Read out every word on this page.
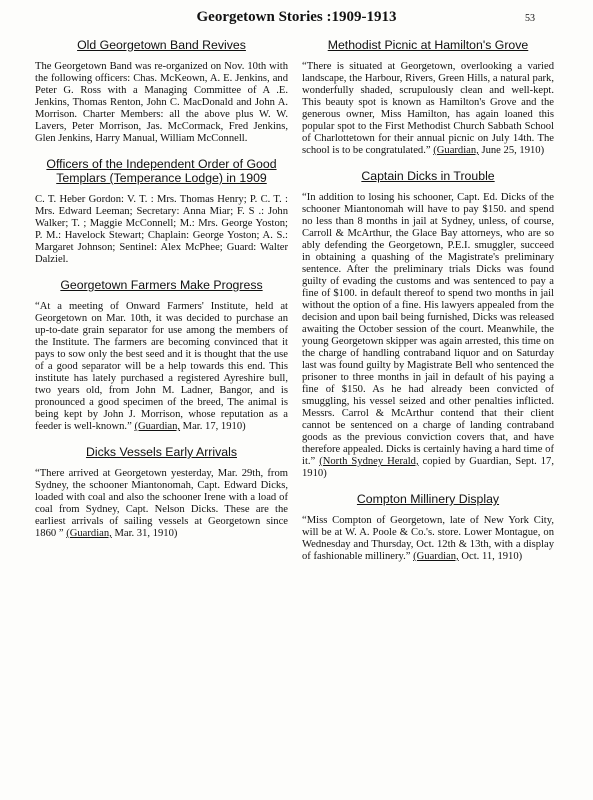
Georgetown Stories :1909-1913	53

Old Georgetown Band Revives

The Georgetown Band was re-organized on Nov. 10th with the following officers: Chas. McKeown, A. E. Jenkins, and Peter G. Ross with a Managing Committee of A .E. Jenkins, Thomas Renton, John C. MacDonald and John A. Morrison. Charter Members: all the above plus W. W. Lavers, Peter Morrison, Jas. McCormack, Fred Jenkins, Glen Jenkins, Harry Manual, William McConnell.

Officers of the Independent Order of Good Templars (Temperance Lodge) in 1909

C. T. Heber Gordon: V. T. : Mrs. Thomas Henry; P. C. T. : Mrs. Edward Leeman; Secretary: Anna Miar; F. S .: John Walker; T. ; Maggie McConnell; M.: Mrs. George Yoston; P. M.: Havelock Stewart; Chaplain: George Yoston; A. S.: Margaret Johnson; Sentinel: Alex McPhee; Guard: Walter Dalziel.

Georgetown Farmers Make Progress

“At a meeting of Onward Farmers' Institute, held at Georgetown on Mar. 10th, it was decided to purchase an up-to-date grain separator for use among the members of the Institute. The farmers are becoming convinced that it pays to sow only the best seed and it is thought that the use of a good separator will be a help towards this end. This institute has lately purchased a registered Ayreshire bull, two years old, from John M. Ladner, Bangor, and is pronounced a good specimen of the breed, The animal is being kept by John J. Morrison, whose reputation as a feeder is well-known.” (Guardian, Mar. 17, 1910)

Dicks Vessels Early Arrivals

“There arrived at Georgetown yesterday, Mar. 29th, from Sydney, the schooner Miantonomah, Capt. Edward Dicks, loaded with coal and also the schooner Irene with a load of coal from Sydney, Capt. Nelson Dicks. These are the earliest arrivals of sailing vessels at Georgetown since 1860 ” (Guardian, Mar. 31, 1910)

Methodist Picnic at Hamilton's Grove

“There is situated at Georgetown, overlooking a varied landscape, the Harbour, Rivers, Green Hills, a natural park, wonderfully shaded, scrupulously clean and well-kept. This beauty spot is known as Hamilton's Grove and the generous owner, Miss Hamilton, has again loaned this popular spot to the First Methodist Church Sabbath School of Charlottetown for their annual picnic on July 14th. The school is to be congratulated.” (Guardian, June 25, 1910)

Captain Dicks in Trouble

“In addition to losing his schooner, Capt. Ed. Dicks of the schooner Miantonomah will have to pay $150. and spend no less than 8 months in jail at Sydney, unless, of course, Carroll & McArthur, the Glace Bay attorneys, who are so ably defending the Georgetown, P.E.I. smuggler, succeed in obtaining a quashing of the Magistrate's preliminary sentence. After the preliminary trials Dicks was found guilty of evading the customs and was sentenced to pay a fine of $100. in default thereof to spend two months in jail without the option of a fine. His lawyers appealed from the decision and upon bail being furnished, Dicks was released awaiting the October session of the court. Meanwhile, the young Georgetown skipper was again arrested, this time on the charge of handling contraband liquor and on Saturday last was found guilty by Magistrate Bell who sentenced the prisoner to three months in jail in default of his paying a fine of $150. As he had already been convicted of smuggling, his vessel seized and other penalties inflicted. Messrs. Carrol & McArthur contend that their client cannot be sentenced on a charge of landing contraband goods as the previous conviction covers that, and have therefore appealed. Dicks is certainly having a hard time of it.” (North Sydney Herald, copied by Guardian, Sept. 17, 1910)

Compton Millinery Display

“Miss Compton of Georgetown, late of New York City, will be at W. A. Poole & Co.'s. store. Lower Montague, on Wednesday and Thursday, Oct. 12th & 13th, with a display of fashionable millinery.” (Guardian, Oct. 11, 1910)
